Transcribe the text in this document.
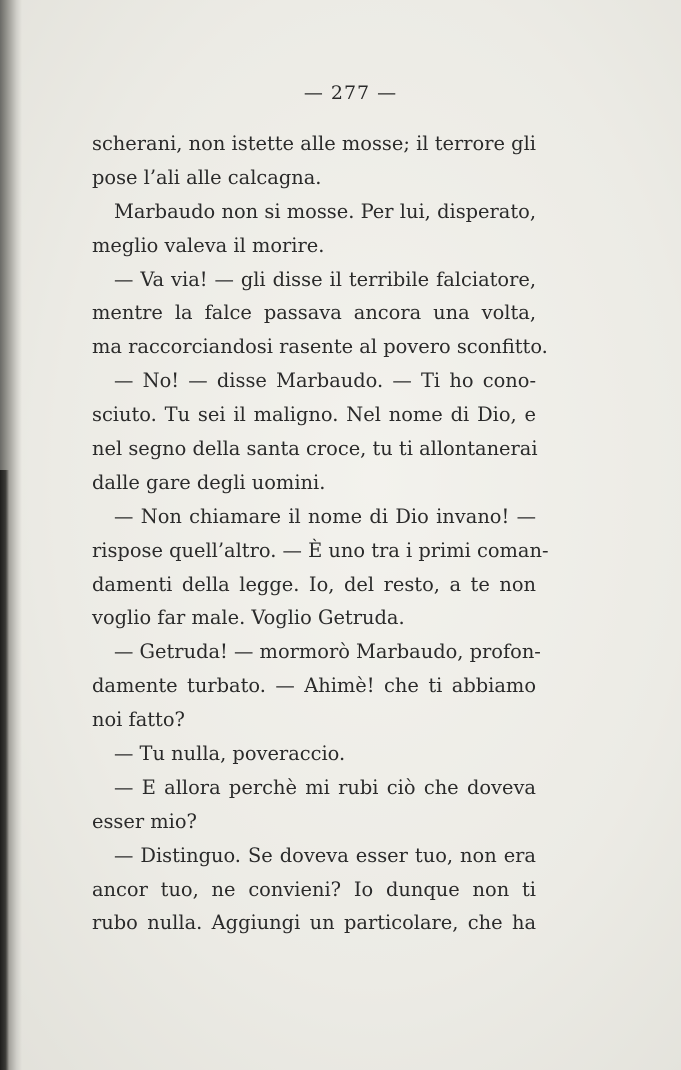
— 277 —
scherani, non istette alle mosse; il terrore gli
pose l’ali alle calcagna.
Marbaudo non si mosse. Per lui, disperato,
meglio valeva il morire.
— Va via! — gli disse il terribile falciatore,
mentre la falce passava ancora una volta,
ma raccorciandosi rasente al povero sconfitto.
— No! — disse Marbaudo. — Ti ho cono-
sciuto. Tu sei il maligno. Nel nome di Dio, e
nel segno della santa croce, tu ti allontanerai
dalle gare degli uomini.
— Non chiamare il nome di Dio invano! —
rispose quell’altro. — È uno tra i primi coman-
damenti della legge. Io, del resto, a te non
voglio far male. Voglio Getruda.
— Getruda! — mormorò Marbaudo, profon-
damente turbato. — Ahimè! che ti abbiamo
noi fatto?
— Tu nulla, poveraccio.
— E allora perchè mi rubi ciò che doveva
esser mio?
— Distinguo. Se doveva esser tuo, non era
ancor tuo, ne convieni? Io dunque non ti
rubo nulla. Aggiungi un particolare, che ha
